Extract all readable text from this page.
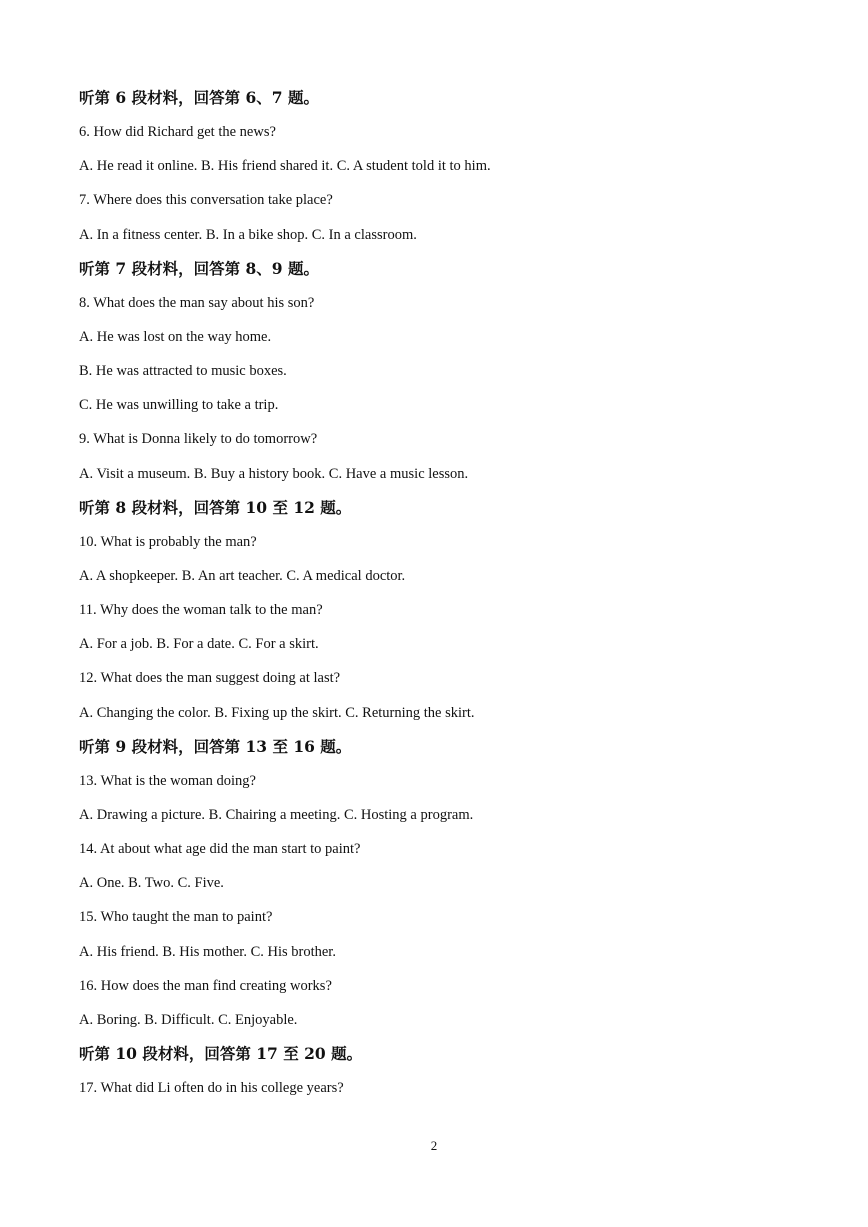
听第 6 段材料，回答第 6、7 题。
6. How did Richard get the news?
A. He read it online. B. His friend shared it. C. A student told it to him.
7. Where does this conversation take place?
A. In a fitness center. B. In a bike shop. C. In a classroom.
听第 7 段材料，回答第 8、9 题。
8. What does the man say about his son?
A. He was lost on the way home.
B. He was attracted to music boxes.
C. He was unwilling to take a trip.
9. What is Donna likely to do tomorrow?
A. Visit a museum. B. Buy a history book. C. Have a music lesson.
听第 8 段材料，回答第 10 至 12 题。
10. What is probably the man?
A. A shopkeeper. B. An art teacher. C. A medical doctor.
11. Why does the woman talk to the man?
A. For a job. B. For a date. C. For a skirt.
12. What does the man suggest doing at last?
A. Changing the color. B. Fixing up the skirt. C. Returning the skirt.
听第 9 段材料，回答第 13 至 16 题。
13. What is the woman doing?
A. Drawing a picture. B. Chairing a meeting. C. Hosting a program.
14. At about what age did the man start to paint?
A. One. B. Two. C. Five.
15. Who taught the man to paint?
A. His friend. B. His mother. C. His brother.
16. How does the man find creating works?
A. Boring. B. Difficult. C. Enjoyable.
听第 10 段材料，回答第 17 至 20 题。
17. What did Li often do in his college years?
2
